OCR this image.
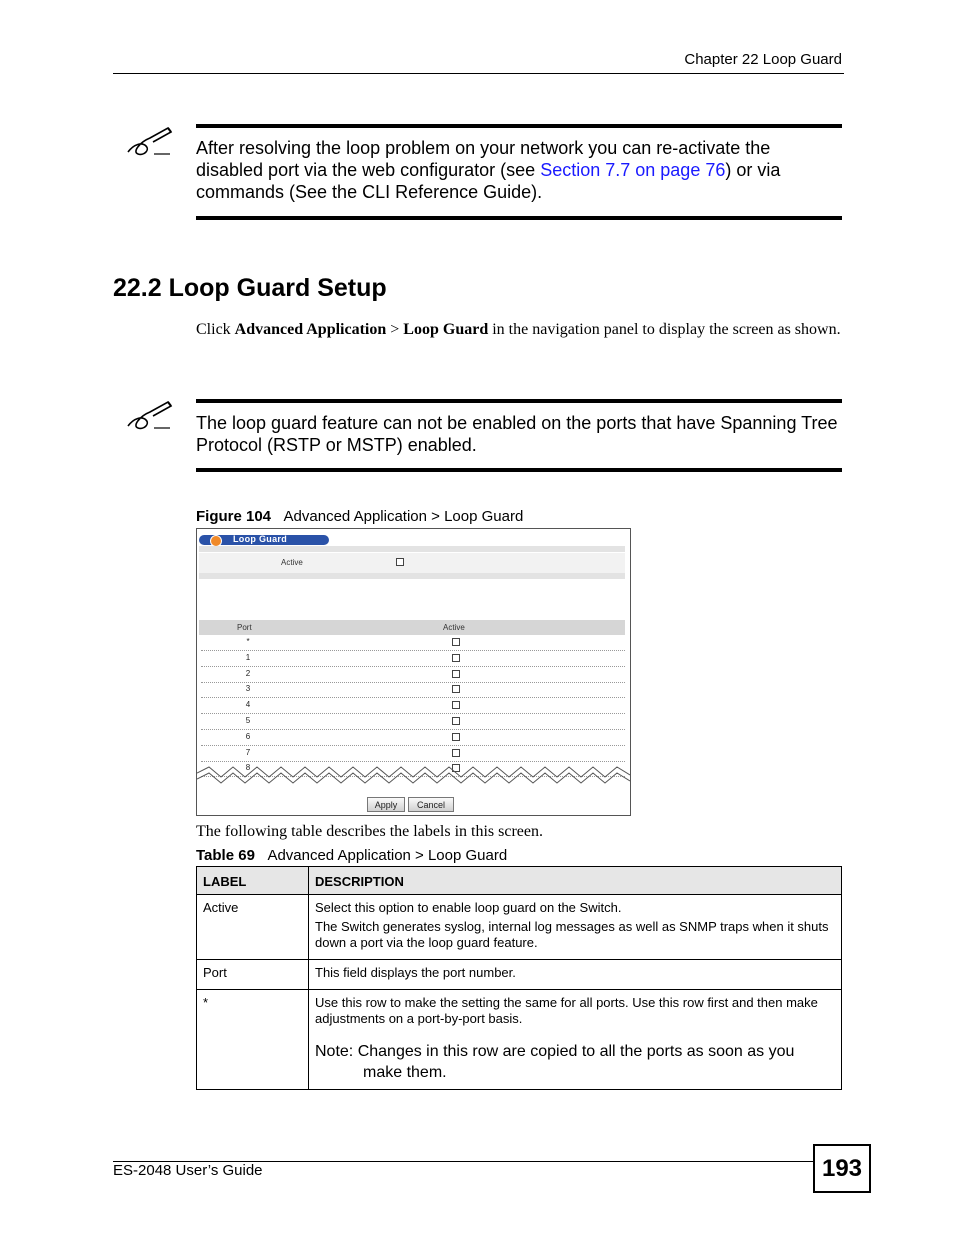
Chapter 22 Loop Guard
After resolving the loop problem on your network you can re-activate the disabled port via the web configurator (see Section 7.7 on page 76) or via commands (See the CLI Reference Guide).
22.2 Loop Guard Setup
Click Advanced Application > Loop Guard in the navigation panel to display the screen as shown.
The loop guard feature can not be enabled on the ports that have Spanning Tree Protocol (RSTP or MSTP) enabled.
Figure 104 Advanced Application > Loop Guard
Loop Guard
Active
Port	Active
*
1
2
3
4
5
6
7
8
Apply	Cancel
The following table describes the labels in this screen.
Table 69 Advanced Application > Loop Guard
LABEL	DESCRIPTION

Active	Select this option to enable loop guard on the Switch.

The Switch generates syslog, internal log messages as well as SNMP traps when it shuts down a port via the loop guard feature.

Port	This field displays the port number.

*	Use this row to make the setting the same for all ports. Use this row first and then make adjustments on a port-by-port basis.

Note: Changes in this row are copied to all the ports as soon as you
make them.
ES-2048 User’s Guide	193
